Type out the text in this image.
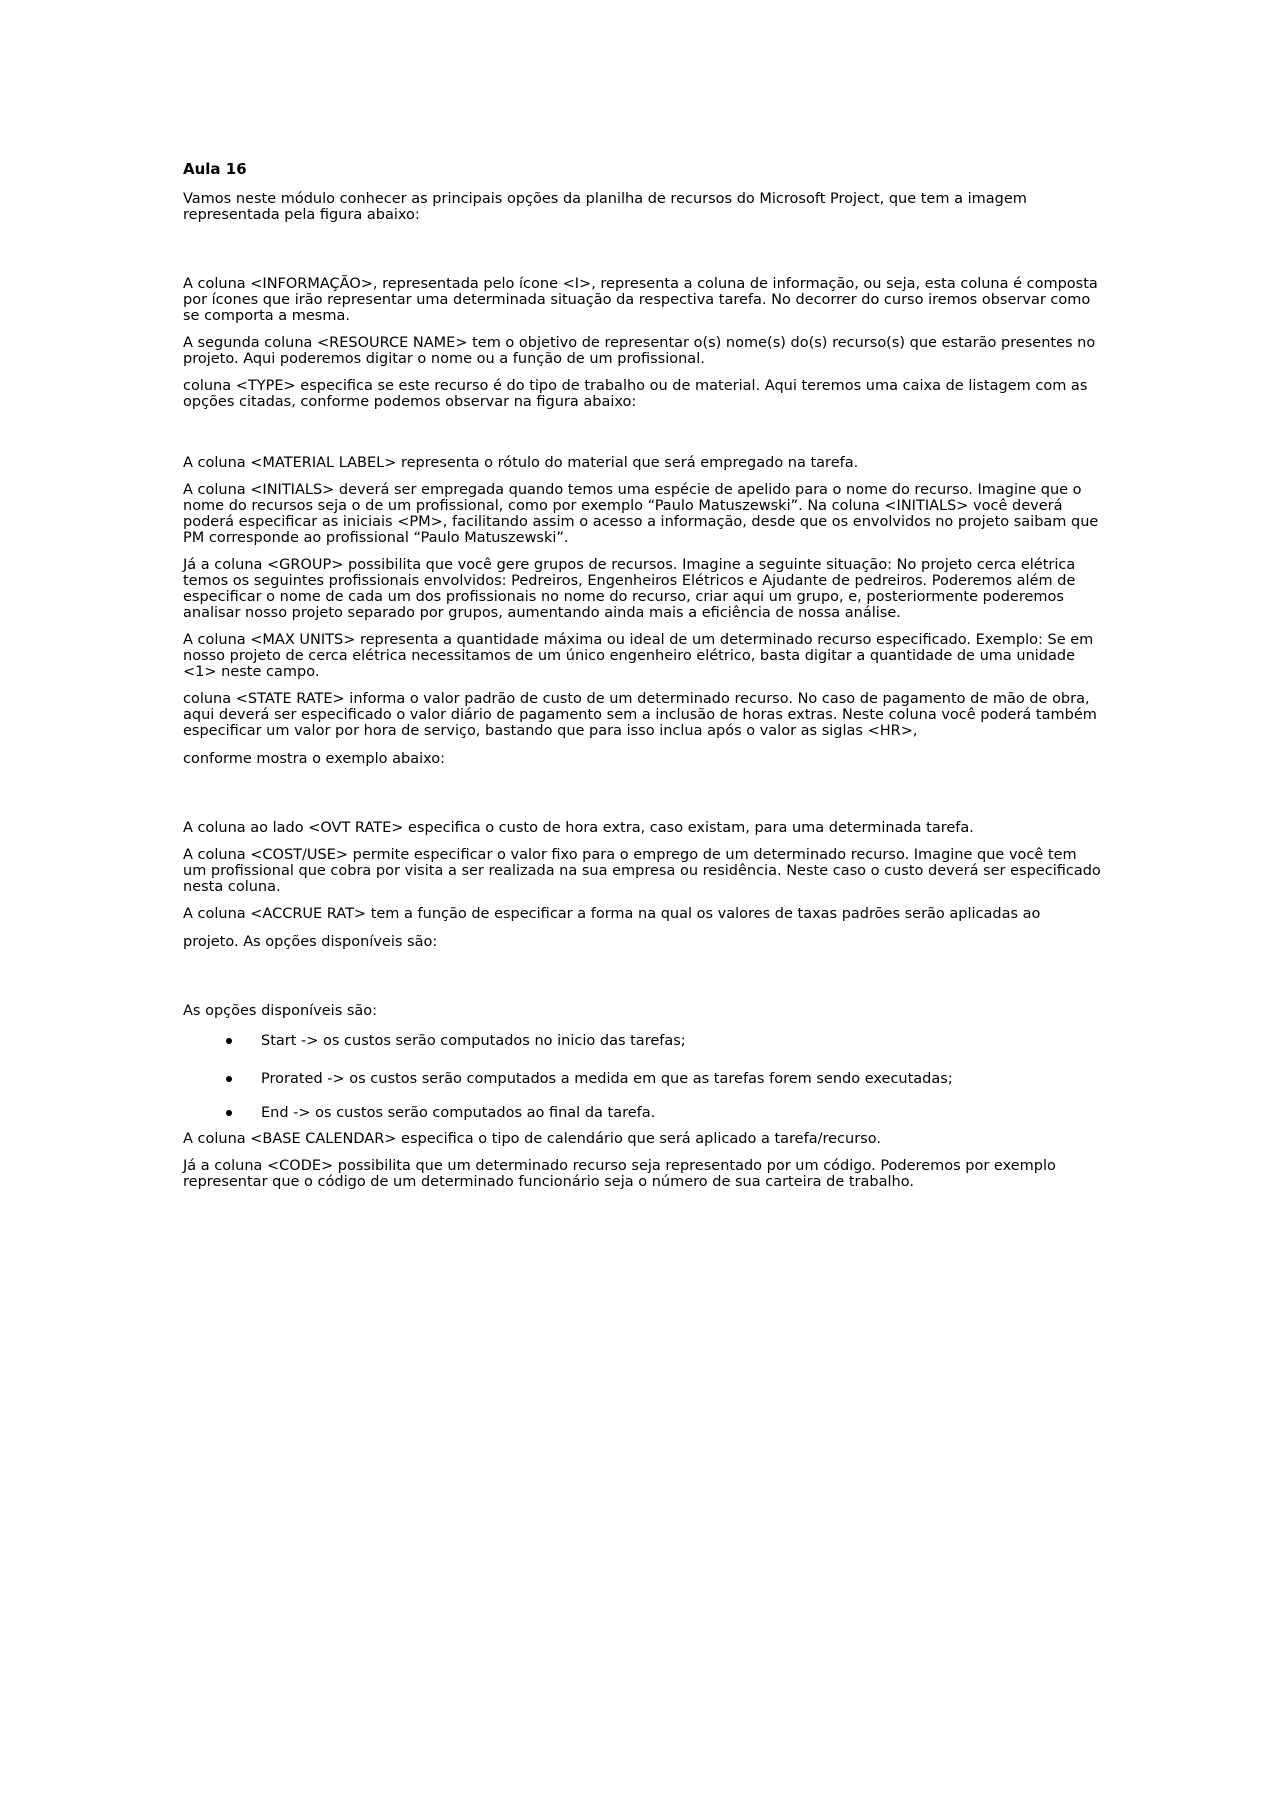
Aula 16

Vamos neste módulo conhecer as principais opções da planilha de recursos do Microsoft Project, que tem a imagem representada pela figura abaixo:

A coluna <INFORMAÇÃO>, representada pelo ícone <I>, representa a coluna de informação, ou seja, esta coluna é composta por ícones que irão representar uma determinada situação da respectiva tarefa. No decorrer do curso iremos observar como se comporta a mesma.

A segunda coluna <RESOURCE NAME> tem o objetivo de representar o(s) nome(s) do(s) recurso(s) que estarão presentes no projeto. Aqui poderemos digitar o nome ou a função de um profissional.

coluna <TYPE> especifica se este recurso é do tipo de trabalho ou de material. Aqui teremos uma caixa de listagem com as opções citadas, conforme podemos observar na figura abaixo:

A coluna <MATERIAL LABEL> representa o rótulo do material que será empregado na tarefa.

A coluna <INITIALS> deverá ser empregada quando temos uma espécie de apelido para o nome do recurso. Imagine que o nome do recursos seja o de um profissional, como por exemplo “Paulo Matuszewski”. Na coluna <INITIALS> você deverá poderá especificar as iniciais <PM>, facilitando assim o acesso a informação, desde que os envolvidos no projeto saibam que PM corresponde ao profissional “Paulo Matuszewski”.

Já a coluna <GROUP> possibilita que você gere grupos de recursos. Imagine a seguinte situação: No projeto cerca elétrica temos os seguintes profissionais envolvidos: Pedreiros, Engenheiros Elétricos e Ajudante de pedreiros. Poderemos além de especificar o nome de cada um dos profissionais no nome do recurso, criar aqui um grupo, e, posteriormente poderemos analisar nosso projeto separado por grupos, aumentando ainda mais a eficiência de nossa análise.

A coluna <MAX UNITS> representa a quantidade máxima ou ideal de um determinado recurso especificado. Exemplo: Se em nosso projeto de cerca elétrica necessitamos de um único engenheiro elétrico, basta digitar a quantidade de uma unidade <1> neste campo.

coluna <STATE RATE> informa o valor padrão de custo de um determinado recurso. No caso de pagamento de mão de obra, aqui deverá ser especificado o valor diário de pagamento sem a inclusão de horas extras. Neste coluna você poderá também especificar um valor por hora de serviço, bastando que para isso inclua após o valor as siglas <HR>,

conforme mostra o exemplo abaixo:

A coluna ao lado <OVT RATE> especifica o custo de hora extra, caso existam, para uma determinada tarefa.

A coluna <COST/USE> permite especificar o valor fixo para o emprego de um determinado recurso. Imagine que você tem um profissional que cobra por visita a ser realizada na sua empresa ou residência. Neste caso o custo deverá ser especificado nesta coluna.

A coluna <ACCRUE RAT> tem a função de especificar a forma na qual os valores de taxas padrões serão aplicadas ao

projeto. As opções disponíveis são:

As opções disponíveis são:

Start -> os custos serão computados no inicio das tarefas;
Prorated -> os custos serão computados a medida em que as tarefas forem sendo executadas;
End -> os custos serão computados ao final da tarefa.

A coluna <BASE CALENDAR> especifica o tipo de calendário que será aplicado a tarefa/recurso.

Já a coluna <CODE> possibilita que um determinado recurso seja representado por um código. Poderemos por exemplo representar que o código de um determinado funcionário seja o número de sua carteira de trabalho.
